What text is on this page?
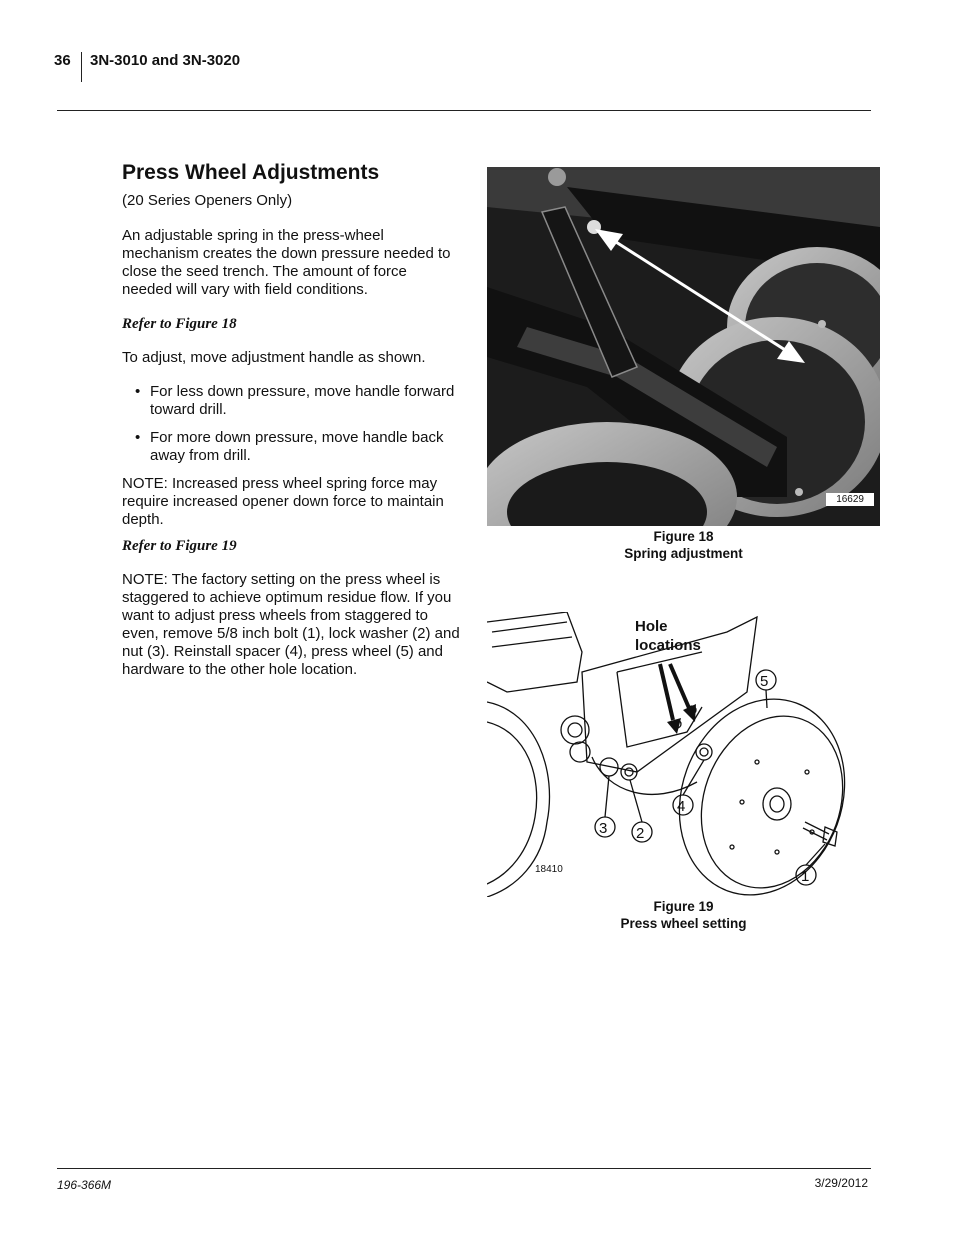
36 3N-3010 and 3N-3020
Press Wheel Adjustments

(20 Series Openers Only)

An adjustable spring in the press-wheel mechanism creates the down pressure needed to close the seed trench. The amount of force needed will vary with field conditions.

Refer to Figure 18

To adjust, move adjustment handle as shown.

• For less down pressure, move handle forward toward drill.
• For more down pressure, move handle back away from drill.

NOTE: Increased press wheel spring force may require increased opener down force to maintain depth.

Refer to Figure 19

NOTE: The factory setting on the press wheel is staggered to achieve optimum residue flow. If you want to adjust press wheels from staggered to even, remove 5/8 inch bolt (1), lock washer (2) and nut (3). Reinstall spacer (4), press wheel (5) and hardware to the other hole location.

16629
Figure 18
Spring adjustment
5
4
3 2
1
Hole locations
18410
Figure 19
Press wheel setting
196-366M	3/29/2012
